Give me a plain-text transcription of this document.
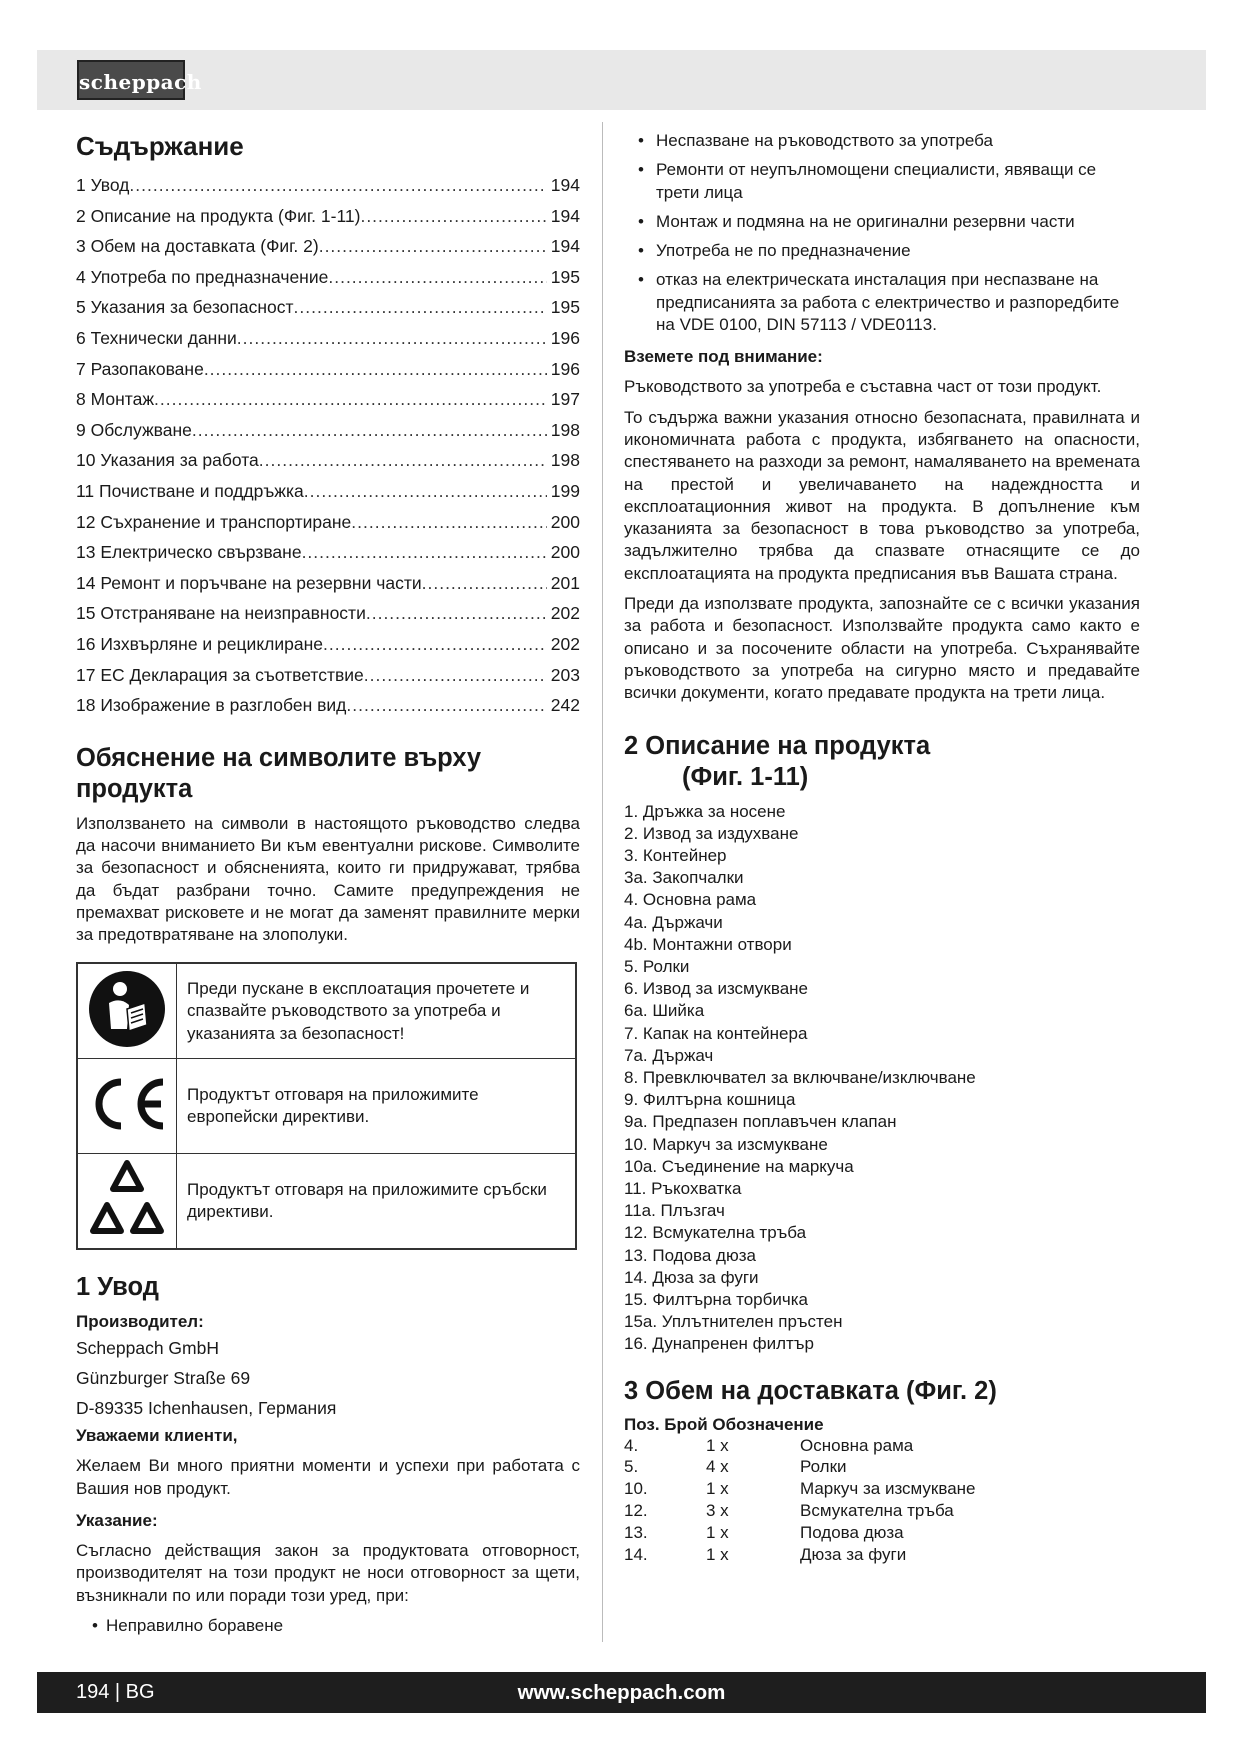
scheppach
Съдържание
1 Увод .....	194
2 Описание на продукта (Фиг. 1-11) .....	194
3 Обем на доставката (Фиг. 2) .....	194
4 Употреба по предназначение .....	195
5 Указания за безопасност .....	195
6 Технически данни .....	196
7 Разопаковане .....	196
8 Монтаж .....	197
9 Обслужване .....	198
10 Указания за работа .....	198
11 Почистване и поддръжка .....	199
12 Съхранение и транспортиране .....	200
13 Електрическо свързване .....	200
14 Ремонт и поръчване на резервни части .....	201
15 Отстраняване на неизправности .....	202
16 Изхвърляне и рециклиране .....	202
17 ЕС Декларация за съответствие .....	203
18 Изображение в разглобен вид .....	242
Обяснение на символите върху
продукта

Използването на символи в настоящото ръководство следва да насочи вниманието Ви към евентуални рискове. Символите за безопасност и обясненията, които ги придружават, трябва да бъдат разбрани точно. Самите предупреждения не премахват рисковете и не могат да заменят правилните мерки за предотвратяване на злополуки.

	Преди пускане в експлоатация прочетете и спазвайте ръководството за употреба и указанията за безопасност!
	Продуктът отговаря на приложимите европейски директиви.
	Продуктът отговаря на приложимите сръбски директиви.
1 Увод
Производител:
Scheppach GmbH
Günzburger Straße 69
D-89335 Ichenhausen, Германия
Уважаеми клиенти,

Желаем Ви много приятни моменти и успехи при работата с Вашия нов продукт.

Указание:

Съгласно действащия закон за продуктовата отговорност, производителят на този продукт не носи отговорност за щети, възникнали по или поради този уред, при:

• Неправилно боравене
• Неспазване на ръководството за употреба
• Ремонти от неупълномощени специалисти, явяващи се трети лица
• Монтаж и подмяна на не оригинални резервни части
• Употреба не по предназначение
• отказ на електрическата инсталация при неспазване на предписанията за работа с електричество и разпоредбите на VDE 0100, DIN 57113 / VDE0113.
Вземете под внимание:

Ръководството за употреба е съставна част от този продукт.

То съдържа важни указания относно безопасната, правилната и икономичната работа с продукта, избягването на опасности, спестяването на разходи за ремонт, намаляването на времената на престой и увеличаването на надеждността и експлоатационния живот на продукта. В допълнение към указанията за безопасност в това ръководство за употреба, задължително трябва да спазвате отнасящите се до експлоатацията на продукта предписания във Вашата страна.

Преди да използвате продукта, запознайте се с всички указания за работа и безопасност. Използвайте продукта само както е описано и за посочените области на употреба. Съхранявайте ръководството за употреба на сигурно място и предавайте всички документи, когато предавате продукта на трети лица.

2 Описание на продукта
(Фиг. 1-11)
1. Дръжка за носене
2. Извод за издухване
3. Контейнер
3a. Закопчалки
4. Основна рама
4a. Държачи
4b. Монтажни отвори
5. Ролки
6. Извод за изсмукване
6a. Шийка
7. Капак на контейнера
7a. Държач
8. Превключвател за включване/изключване
9. Филтърна кошница
9a. Предпазен поплавъчен клапан
10. Маркуч за изсмукване
10a. Съединение на маркуча
11. Ръкохватка
11a. Плъзгач
12. Всмукателна тръба
13. Подова дюза
14. Дюза за фуги
15. Филтърна торбичка
15a. Уплътнителен пръстен
16. Дунапренен филтър
3 Обем на доставката (Фиг. 2)
Поз. Брой Обозначение
4.	1 x	Основна рама
5.	4 x	Ролки
10.	1 x	Маркуч за изсмукване
12.	3 x	Всмукателна тръба
13.	1 x	Подова дюза
14.	1 x	Дюза за фуги
194 | BG	www.scheppach.com
